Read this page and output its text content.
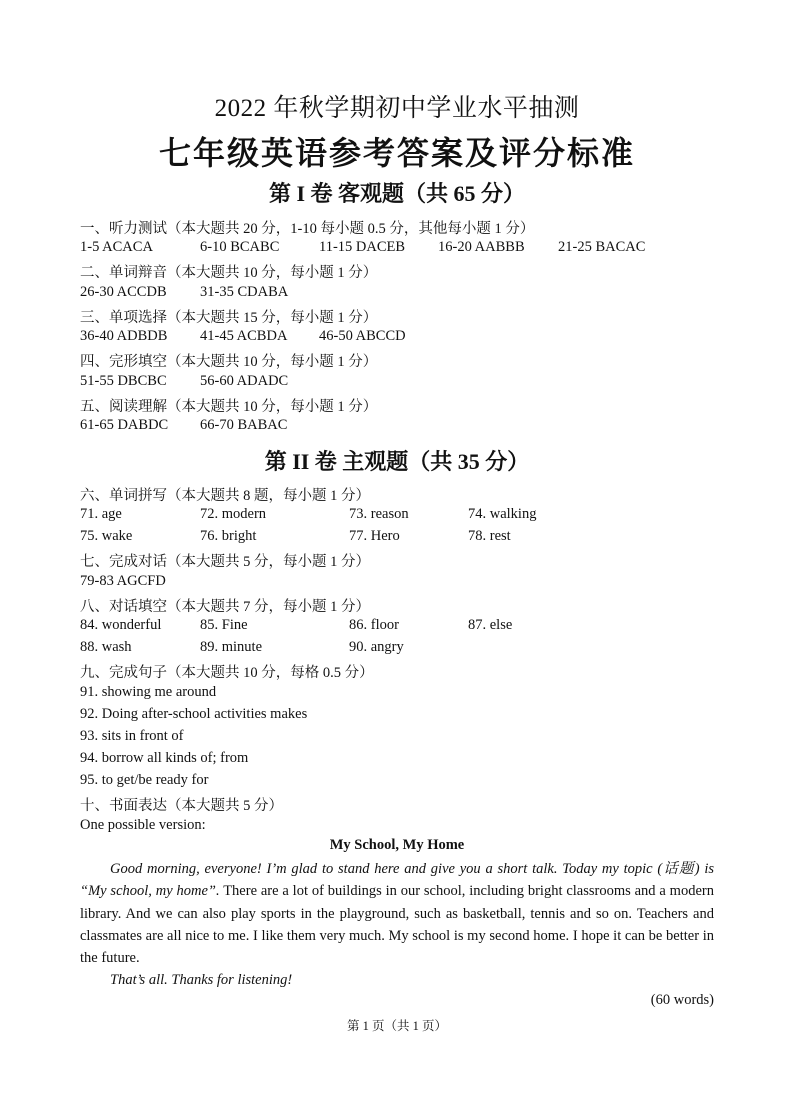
2022 年秋学期初中学业水平抽测
七年级英语参考答案及评分标准
第 I 卷 客观题（共 65 分）
一、听力测试（本大题共 20 分，1-10 每小题 0.5 分，其他每小题 1 分）
1-5 ACACA	6-10 BCABC	11-15 DACEB 16-20 AABBB 21-25 BACAC
二、单词辩音（本大题共 10 分，每小题 1 分）
26-30 ACCDB 31-35 CDABA
三、单项选择（本大题共 15 分，每小题 1 分）
36-40 ADBDB 41-45 ACBDA 46-50 ABCCD
四、完形填空（本大题共 10 分，每小题 1 分）
51-55 DBCBC 56-60 ADADC
五、阅读理解（本大题共 10 分，每小题 1 分）
61-65 DABDC 66-70 BABAC
第 II 卷 主观题（共 35 分）
六、单词拼写（本大题共 8 题，每小题 1 分）
71. age	72. modern	73. reason	74. walking
75. wake	76. bright	77. Hero	78. rest
七、完成对话（本大题共 5 分，每小题 1 分）
79-83 AGCFD
八、对话填空（本大题共 7 分，每小题 1 分）
84. wonderful	85. Fine	86. floor	87. else
88. wash	89. minute	90. angry
九、完成句子（本大题共 10 分，每格 0.5 分）
91. showing me around
92. Doing after-school activities makes
93. sits in front of
94. borrow all kinds of; from
95. to get/be ready for
十、书面表达（本大题共 5 分）
One possible version:
My School, My Home
Good morning, everyone! I’m glad to stand here and give you a short talk. Today my topic (话题) is “My school, my home”. There are a lot of buildings in our school, including bright classrooms and a modern library. And we can also play sports in the playground, such as basketball, tennis and so on. Teachers and classmates are all nice to me. I like them very much. My school is my second home. I hope it can be better in the future.
That’s all. Thanks for listening!
(60 words)
第 1 页（共 1 页）
